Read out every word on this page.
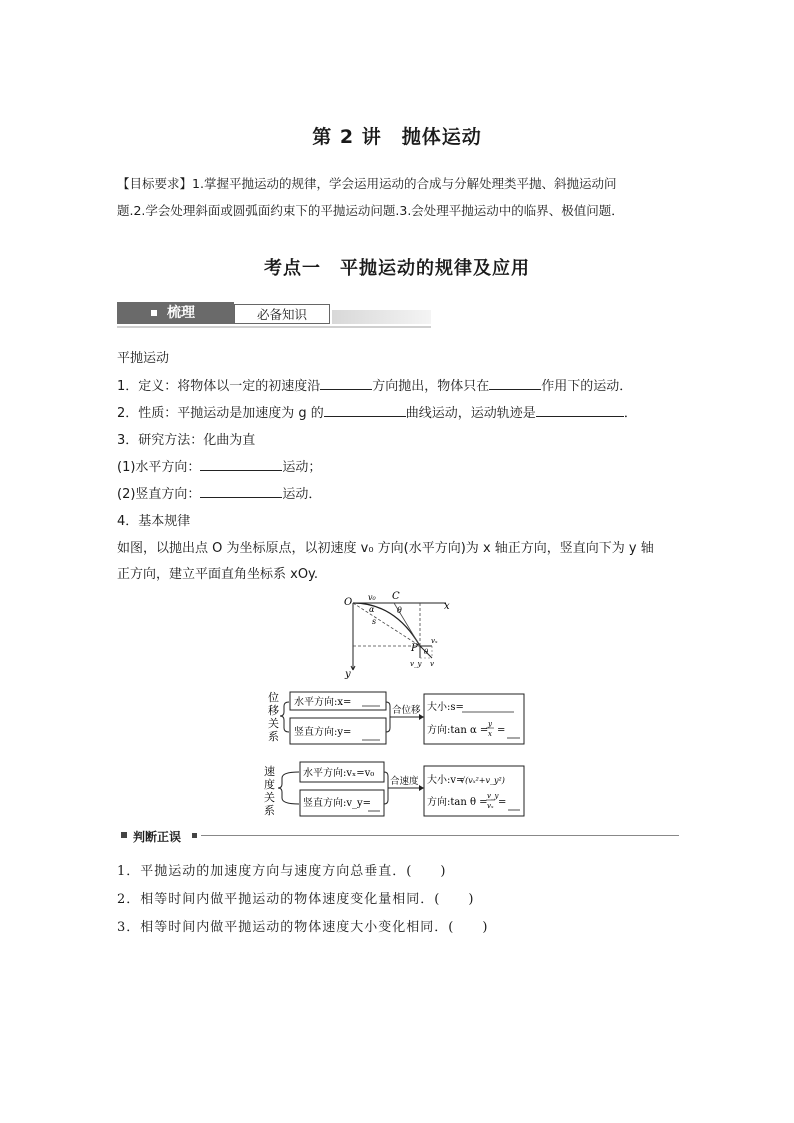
第 2 讲　抛体运动
【目标要求】1.掌握平抛运动的规律，学会运用运动的合成与分解处理类平抛、斜抛运动问
题.2.学会处理斜面或圆弧面约束下的平抛运动问题.3.会处理平抛运动中的临界、极值问题．
考点一　平抛运动的规律及应用
梳理	必备知识
平抛运动
1．定义：将物体以一定的初速度沿	方向抛出，物体只在	作用下的运动．
2．性质：平抛运动是加速度为 g 的	曲线运动，运动轨迹是	．
3．研究方法：化曲为直
(1)水平方向：	运动；
(2)竖直方向：	运动．
4．基本规律
如图，以抛出点 O 为坐标原点，以初速度 v₀ 方向(水平方向)为 x 轴正方向，竖直向下为 y 轴
正方向，建立平面直角坐标系 xOy.
O
C
x
y
P
v₀
α	θ
s
vₓ
θ
v_y v
位
移
关
系
水平方向:x=
竖直方向:y=
合位移 大小:s=
方向:tan α =
y
x =
速
度
关
系
水平方向:vₓ=v₀
竖直方向:v_y=
合速度 大小:v=
√(vₓ²+v_y²)
方向:tan θ =
v_y
vₓ =
判断正误
1．平抛运动的加速度方向与速度方向总垂直．(　　)
2．相等时间内做平抛运动的物体速度变化量相同．(　　)
3．相等时间内做平抛运动的物体速度大小变化相同．(　　)
